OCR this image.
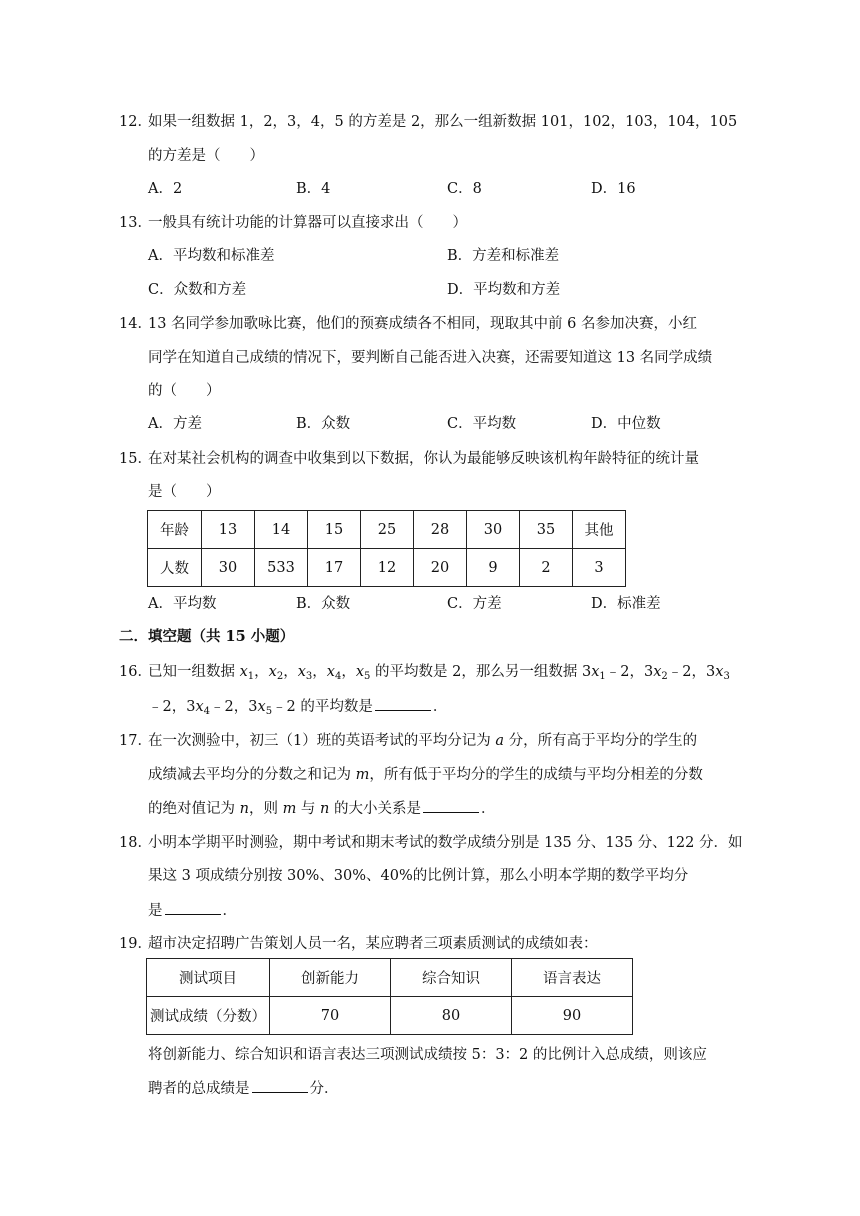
12．
如果一组数据 1，2，3，4，5 的方差是 2，那么一组新数据 101，102，103，104，105
的方差是（　　）
A．2	B．4	C．8	D．16
13．
一般具有统计功能的计算器可以直接求出（　　）
A．平均数和标准差	B．方差和标准差
C．众数和方差	D．平均数和方差
14．
13 名同学参加歌咏比赛，他们的预赛成绩各不相同，现取其中前 6 名参加决赛，小红
同学在知道自己成绩的情况下，要判断自己能否进入决赛，还需要知道这 13 名同学成绩
的（　　）
A．方差	B．众数	C．平均数	D．中位数
15．
在对某社会机构的调查中收集到以下数据，你认为最能够反映该机构年龄特征的统计量
是（　　）
年龄	13	14	15	25	28	30	35	其他
人数	30	533	17	12	20	9	2	3
A．平均数	B．众数	C．方差	D．标准差
二．填空题（共 15 小题）
16．
已知一组数据 $x_1$，$x_2$，$x_3$，$x_4$，$x_5$ 的平均数是 2，那么另一组数据 $3x_1﹣2$，$3x_2﹣2$，$3x_3$
﹣2，$3x_4﹣2$，$3x_5﹣2$ 的平均数是	．
17．
在一次测验中，初三（1）班的英语考试的平均分记为 a 分，所有高于平均分的学生的
成绩减去平均分的分数之和记为 m，所有低于平均分的学生的成绩与平均分相差的分数
的绝对值记为 n，则 m 与 n 的大小关系是	．
18．
小明本学期平时测验，期中考试和期末考试的数学成绩分别是 135 分、135 分、122 分．如
果这 3 项成绩分别按 30%、30%、40%的比例计算，那么小明本学期的数学平均分
是	．
19．
超市决定招聘广告策划人员一名，某应聘者三项素质测试的成绩如表：
测试项目	创新能力	综合知识	语言表达
测试成绩（分数）	70	80	90
将创新能力、综合知识和语言表达三项测试成绩按 5：3：2 的比例计入总成绩，则该应
聘者的总成绩是	分．
